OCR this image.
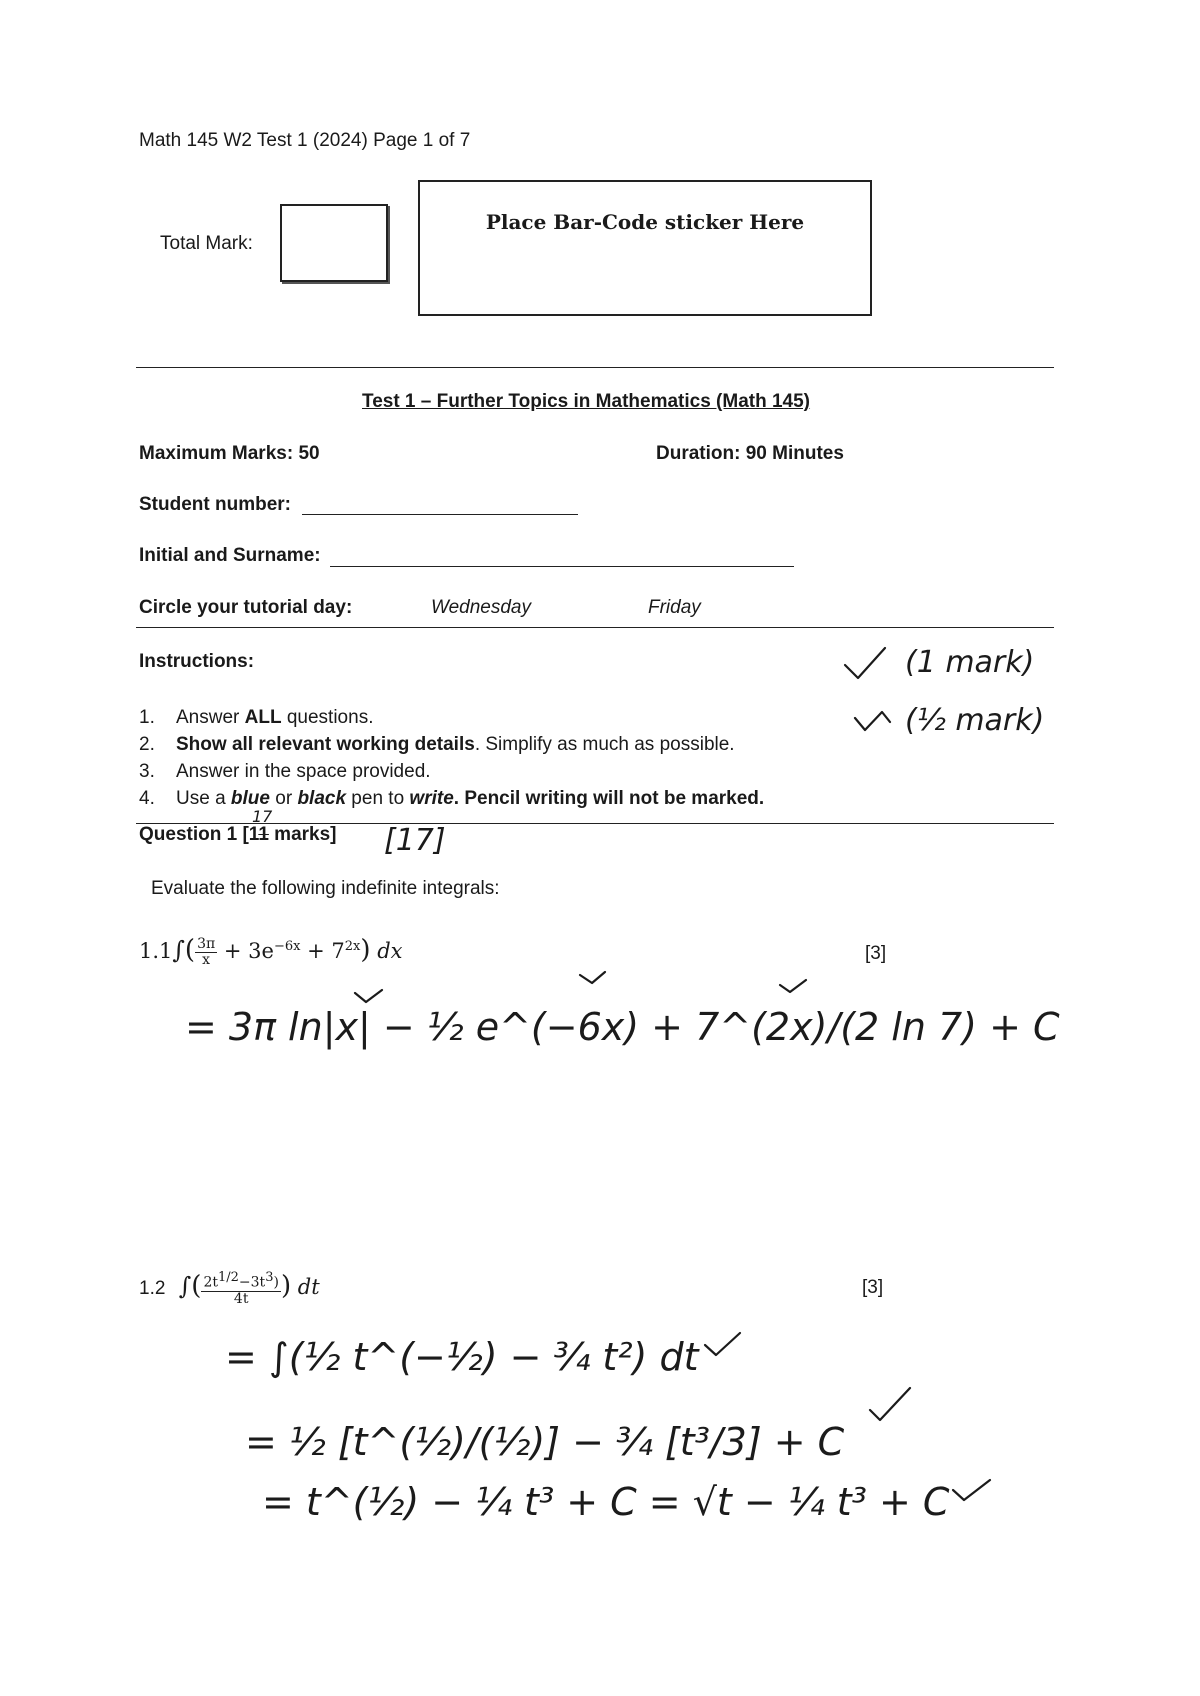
Math 145 W2 Test 1 (2024) Page 1 of 7
Total Mark:
Place Bar-Code sticker Here
Test 1 – Further Topics in Mathematics (Math 145)
Maximum Marks: 50	Duration: 90 Minutes
Student number:
Initial and Surname:
Circle your tutorial day:	Wednesday	Friday
Instructions:
1.	Answer ALL questions.
2.	Show all relevant working details. Simplify as much as possible.
3.	Answer in the space provided.
4.	Use a blue or black pen to write. Pencil writing will not be marked.
Question 1 [11 marks]
Evaluate the following indefinite integrals:
$1.1\int( \frac{3\pi}{x} + 3e^{-6x} + 7^{2x})$ dx	[3]
1.2 ∫( $\frac{2t^{1/2}-3t^3)}{4t}$ ) dt	[3]
(1 mark)
(½ mark)
17
[17]
= 3π ln|x| − ½ e^(−6x) + 7^(2x)/(2 ln 7) + C
= ∫(½ t^(−½) − ¾ t²) dt
= ½ [t^(½)/(½)] − ¾ [t³/3] + C
= t^(½) − ¼ t³ + C = √t − ¼ t³ + C
